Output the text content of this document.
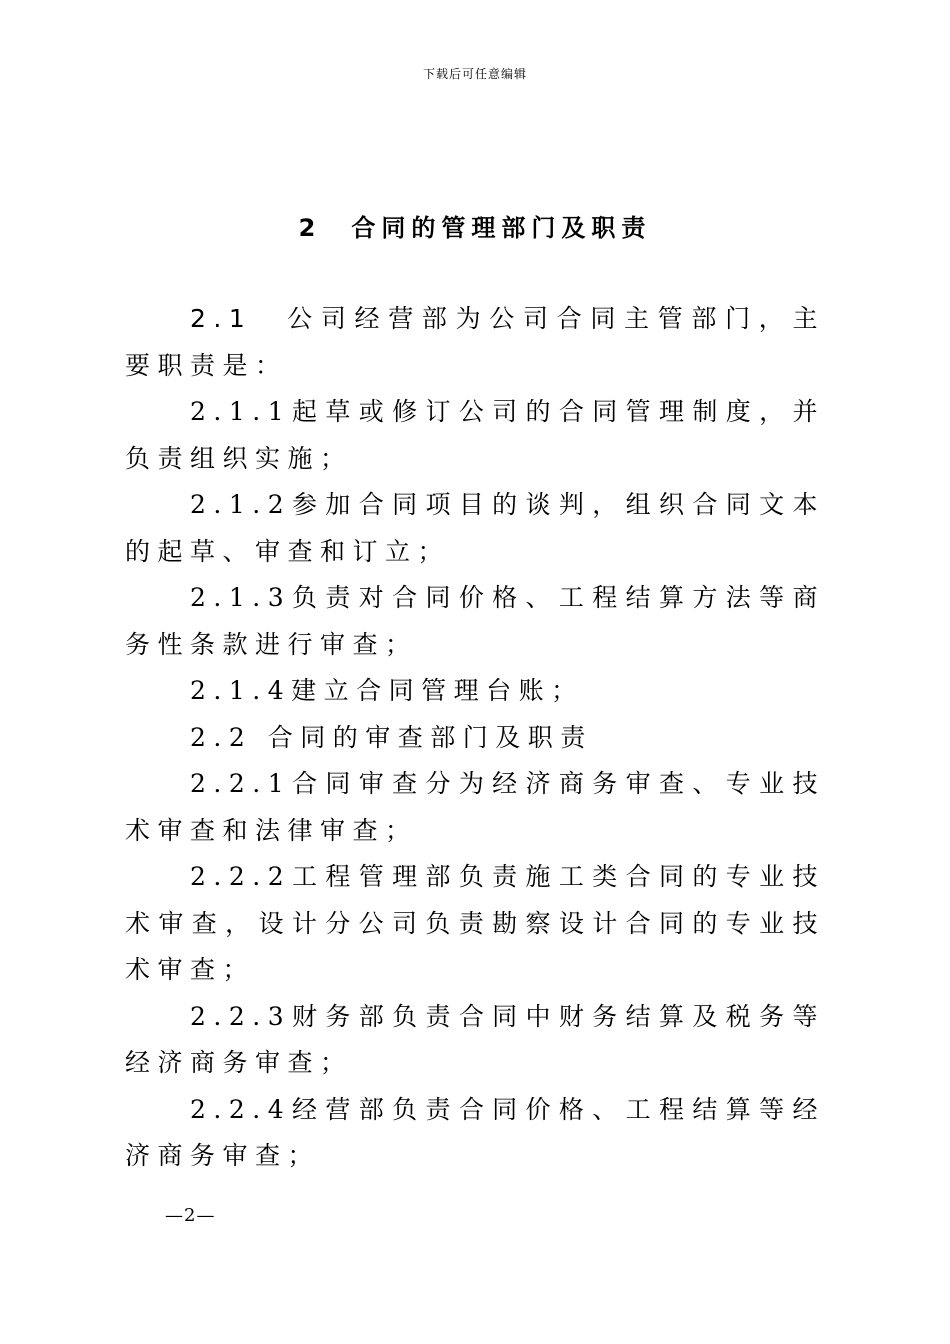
下载后可任意编辑
2　合同的管理部门及职责

2.1　公司经营部为公司合同主管部门，主要职责是：

2.1.1起草或修订公司的合同管理制度，并负责组织实施；

2.1.2参加合同项目的谈判，组织合同文本的起草、审查和订立；

2.1.3负责对合同价格、工程结算方法等商务性条款进行审查；

2.1.4建立合同管理台账；

2.2 合同的审查部门及职责

2.2.1合同审查分为经济商务审查、专业技术审查和法律审查；

2.2.2工程管理部负责施工类合同的专业技术审查，设计分公司负责勘察设计合同的专业技术审查；

2.2.3财务部负责合同中财务结算及税务等经济商务审查；

2.2.4经营部负责合同价格、工程结算等经济商务审查；

—2—
